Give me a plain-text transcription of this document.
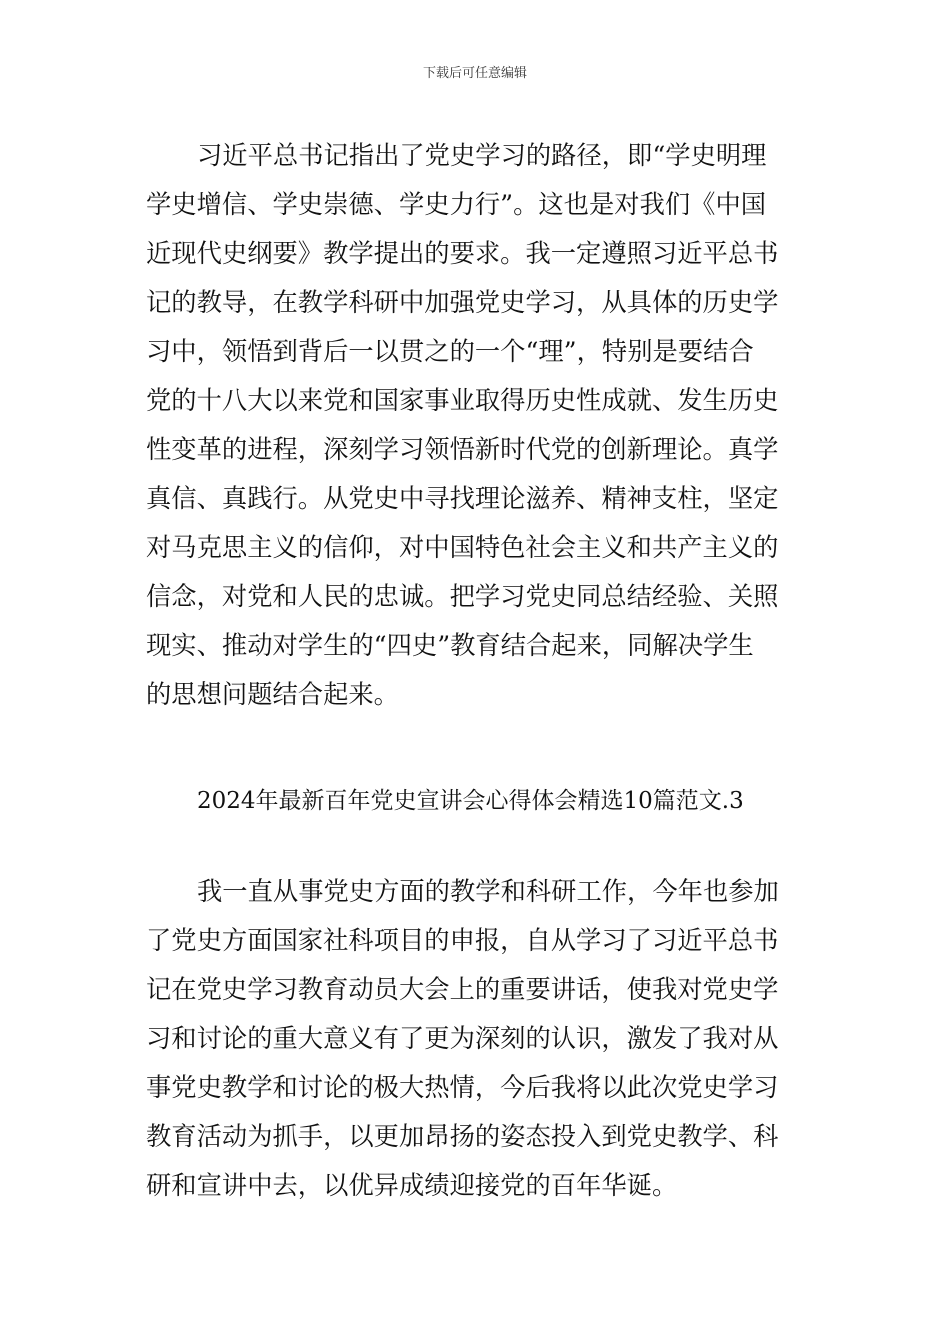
下载后可任意编辑
习近平总书记指出了党史学习的路径，即“学史明理
学史增信、学史崇德、学史力行”。这也是对我们《中国
近现代史纲要》教学提出的要求。我一定遵照习近平总书
记的教导，在教学科研中加强党史学习，从具体的历史学
习中，领悟到背后一以贯之的一个“理”，特别是要结合
党的十八大以来党和国家事业取得历史性成就、发生历史
性变革的进程，深刻学习领悟新时代党的创新理论。真学
真信、真践行。从党史中寻找理论滋养、精神支柱，坚定
对马克思主义的信仰，对中国特色社会主义和共产主义的
信念，对党和人民的忠诚。把学习党史同总结经验、关照
现实、推动对学生的“四史”教育结合起来，同解决学生
的思想问题结合起来。
2024年最新百年党史宣讲会心得体会精选10篇范文.3
我一直从事党史方面的教学和科研工作，今年也参加
了党史方面国家社科项目的申报，自从学习了习近平总书
记在党史学习教育动员大会上的重要讲话，使我对党史学
习和讨论的重大意义有了更为深刻的认识，激发了我对从
事党史教学和讨论的极大热情，今后我将以此次党史学习
教育活动为抓手，以更加昂扬的姿态投入到党史教学、科
研和宣讲中去，以优异成绩迎接党的百年华诞。
